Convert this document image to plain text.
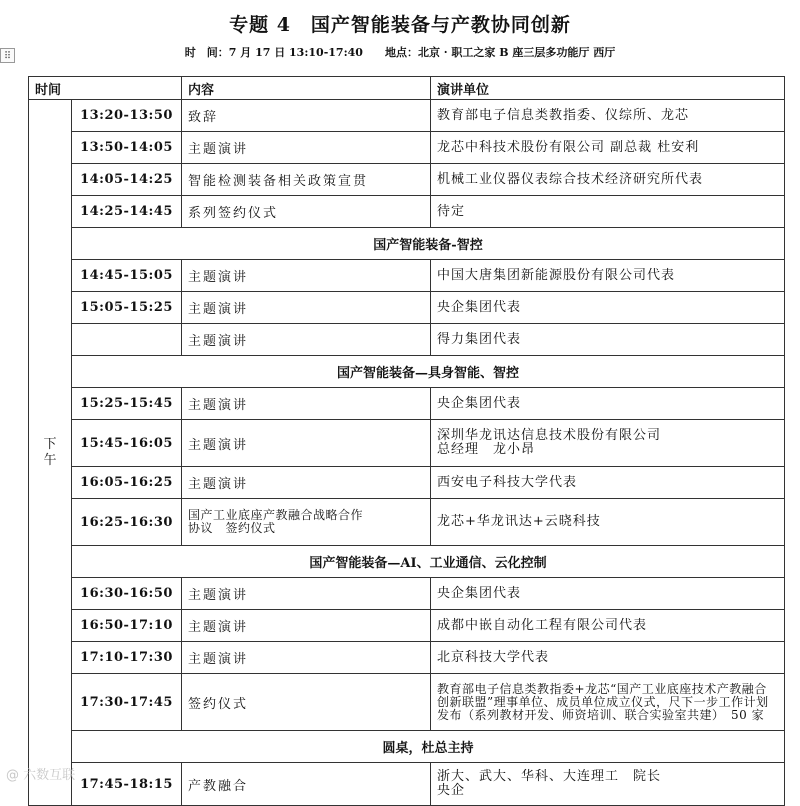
专题 4　国产智能装备与产教协同创新
⠿	时　间：7 月 17 日 13:10-17:40　　地点：北京 · 职工之家 B 座三层多功能厅 西厅
时间		内容	演讲单位
下
午	13:20-13:50	致辞	教育部电子信息类教指委、仪综所、龙芯
	13:50-14:05	主题演讲	龙芯中科技术股份有限公司 副总裁 杜安利
	14:05-14:25	智能检测装备相关政策宣贯	机械工业仪器仪表综合技术经济研究所代表
	14:25-14:45	系列签约仪式	待定
	国产智能装备-智控		
	14:45-15:05	主题演讲	中国大唐集团新能源股份有限公司代表
	15:05-15:25	主题演讲	央企集团代表
		主题演讲	得力集团代表
	国产智能装备—具身智能、智控		
	15:25-15:45	主题演讲	央企集团代表
	15:45-16:05	主题演讲	深圳华龙讯达信息技术股份有限公司
总经理　龙小昂
	16:05-16:25	主题演讲	西安电子科技大学代表
	16:25-16:30	国产工业底座产教融合战略合作
协议　签约仪式	龙芯+华龙讯达+云晓科技
	国产智能装备—AI、工业通信、云化控制		
	16:30-16:50	主题演讲	央企集团代表
	16:50-17:10	主题演讲	成都中嵌自动化工程有限公司代表
	17:10-17:30	主题演讲	北京科技大学代表
	17:30-17:45	签约仪式	教育部电子信息类教指委+龙芯“国产工业底座技术产教融合创新联盟”理事单位、成员单位成立仪式，尺下一步工作计划发布（系列教材开发、师资培训、联合实验室共建）　50 家
	圆桌，杜总主持		
	17:45-18:15	产教融合	浙大、武大、华科、大连理工　院长
央企
@ 六数互联
